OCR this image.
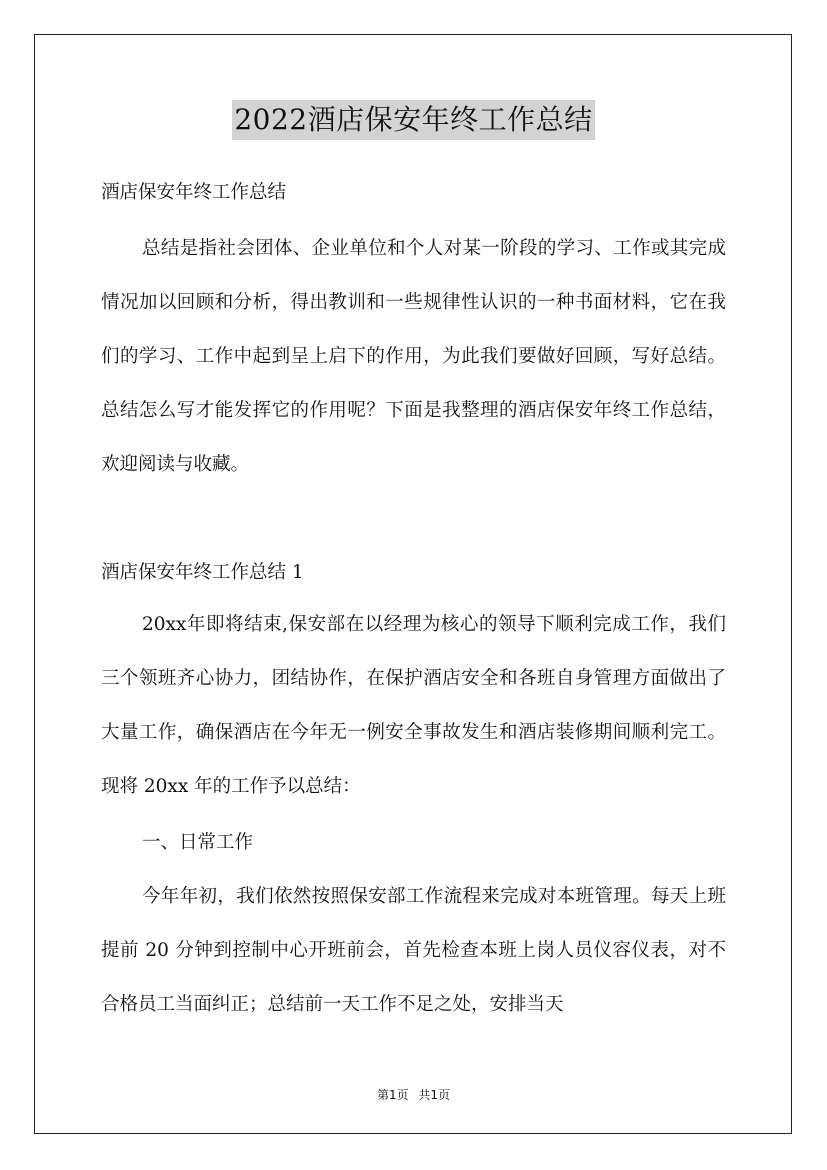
2022酒店保安年终工作总结
酒店保安年终工作总结
总结是指社会团体、企业单位和个人对某一阶段的学习、工作或其完成情况加以回顾和分析，得出教训和一些规律性认识的一种书面材料，它在我们的学习、工作中起到呈上启下的作用，为此我们要做好回顾，写好总结。总结怎么写才能发挥它的作用呢？下面是我整理的酒店保安年终工作总结，欢迎阅读与收藏。
酒店保安年终工作总结 1
20xx年即将结束,保安部在以经理为核心的领导下顺利完成工作，我们三个领班齐心协力，团结协作，在保护酒店安全和各班自身管理方面做出了大量工作，确保酒店在今年无一例安全事故发生和酒店装修期间顺利完工。现将 20xx 年的工作予以总结：
一、日常工作
今年年初，我们依然按照保安部工作流程来完成对本班管理。每天上班提前 20 分钟到控制中心开班前会，首先检查本班上岗人员仪容仪表，对不合格员工当面纠正；总结前一天工作不足之处，安排当天
第1页 共1页
